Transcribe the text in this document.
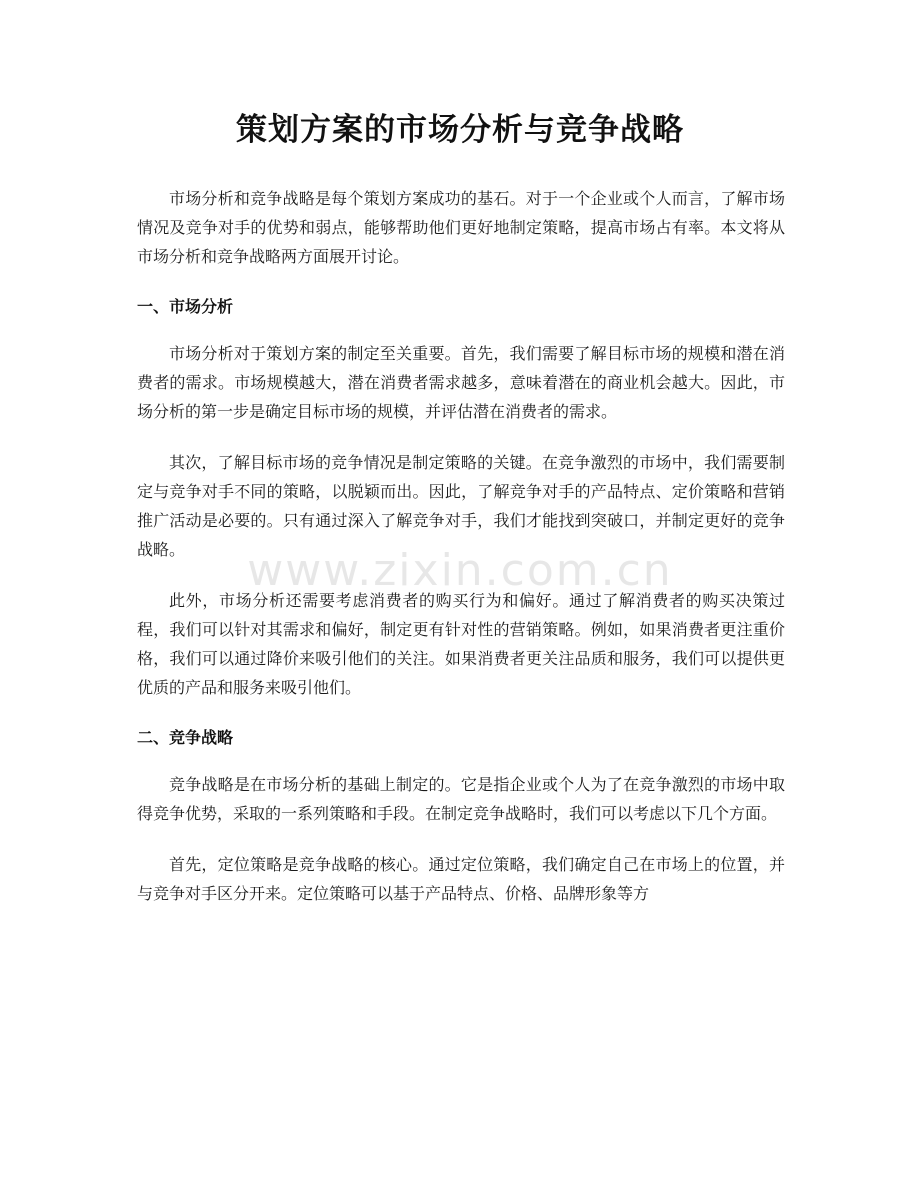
www.zixin.com.cn
策划方案的市场分析与竞争战略

市场分析和竞争战略是每个策划方案成功的基石。对于一个企业或个人而言，了解市场情况及竞争对手的优势和弱点，能够帮助他们更好地制定策略，提高市场占有率。本文将从市场分析和竞争战略两方面展开讨论。

一、市场分析

市场分析对于策划方案的制定至关重要。首先，我们需要了解目标市场的规模和潜在消费者的需求。市场规模越大，潜在消费者需求越多，意味着潜在的商业机会越大。因此，市场分析的第一步是确定目标市场的规模，并评估潜在消费者的需求。

其次，了解目标市场的竞争情况是制定策略的关键。在竞争激烈的市场中，我们需要制定与竞争对手不同的策略，以脱颖而出。因此，了解竞争对手的产品特点、定价策略和营销推广活动是必要的。只有通过深入了解竞争对手，我们才能找到突破口，并制定更好的竞争战略。

此外，市场分析还需要考虑消费者的购买行为和偏好。通过了解消费者的购买决策过程，我们可以针对其需求和偏好，制定更有针对性的营销策略。例如，如果消费者更注重价格，我们可以通过降价来吸引他们的关注。如果消费者更关注品质和服务，我们可以提供更优质的产品和服务来吸引他们。

二、竞争战略

竞争战略是在市场分析的基础上制定的。它是指企业或个人为了在竞争激烈的市场中取得竞争优势，采取的一系列策略和手段。在制定竞争战略时，我们可以考虑以下几个方面。

首先，定位策略是竞争战略的核心。通过定位策略，我们确定自己在市场上的位置，并与竞争对手区分开来。定位策略可以基于产品特点、价格、品牌形象等方
